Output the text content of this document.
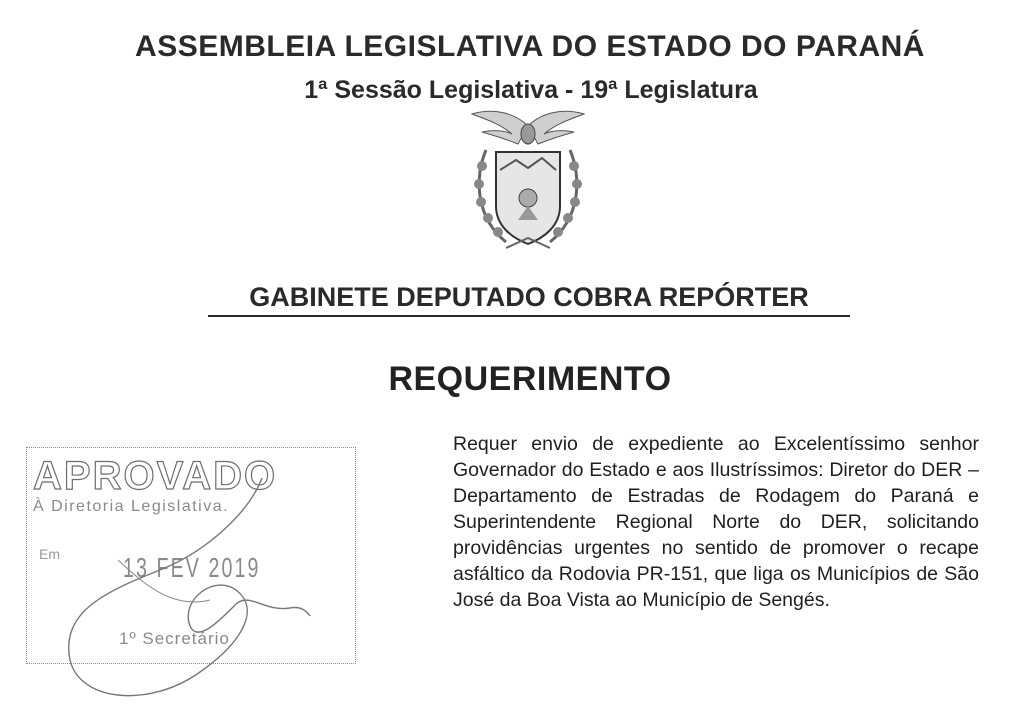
ASSEMBLEIA LEGISLATIVA DO ESTADO DO PARANÁ
1ª Sessão Legislativa - 19ª Legislatura
GABINETE DEPUTADO COBRA REPÓRTER
REQUERIMENTO
APROVADO
À Diretoria Legislativa.
Em 13 FEV 2019
1º Secretário
Requer envio de expediente ao Excelentíssimo senhor Governador do Estado e aos Ilustríssimos: Diretor do DER – Departamento de Estradas de Rodagem do Paraná e Superintendente Regional Norte do DER, solicitando providências urgentes no sentido de promover o recape asfáltico da Rodovia PR-151, que liga os Municípios de São José da Boa Vista ao Município de Sengés.
